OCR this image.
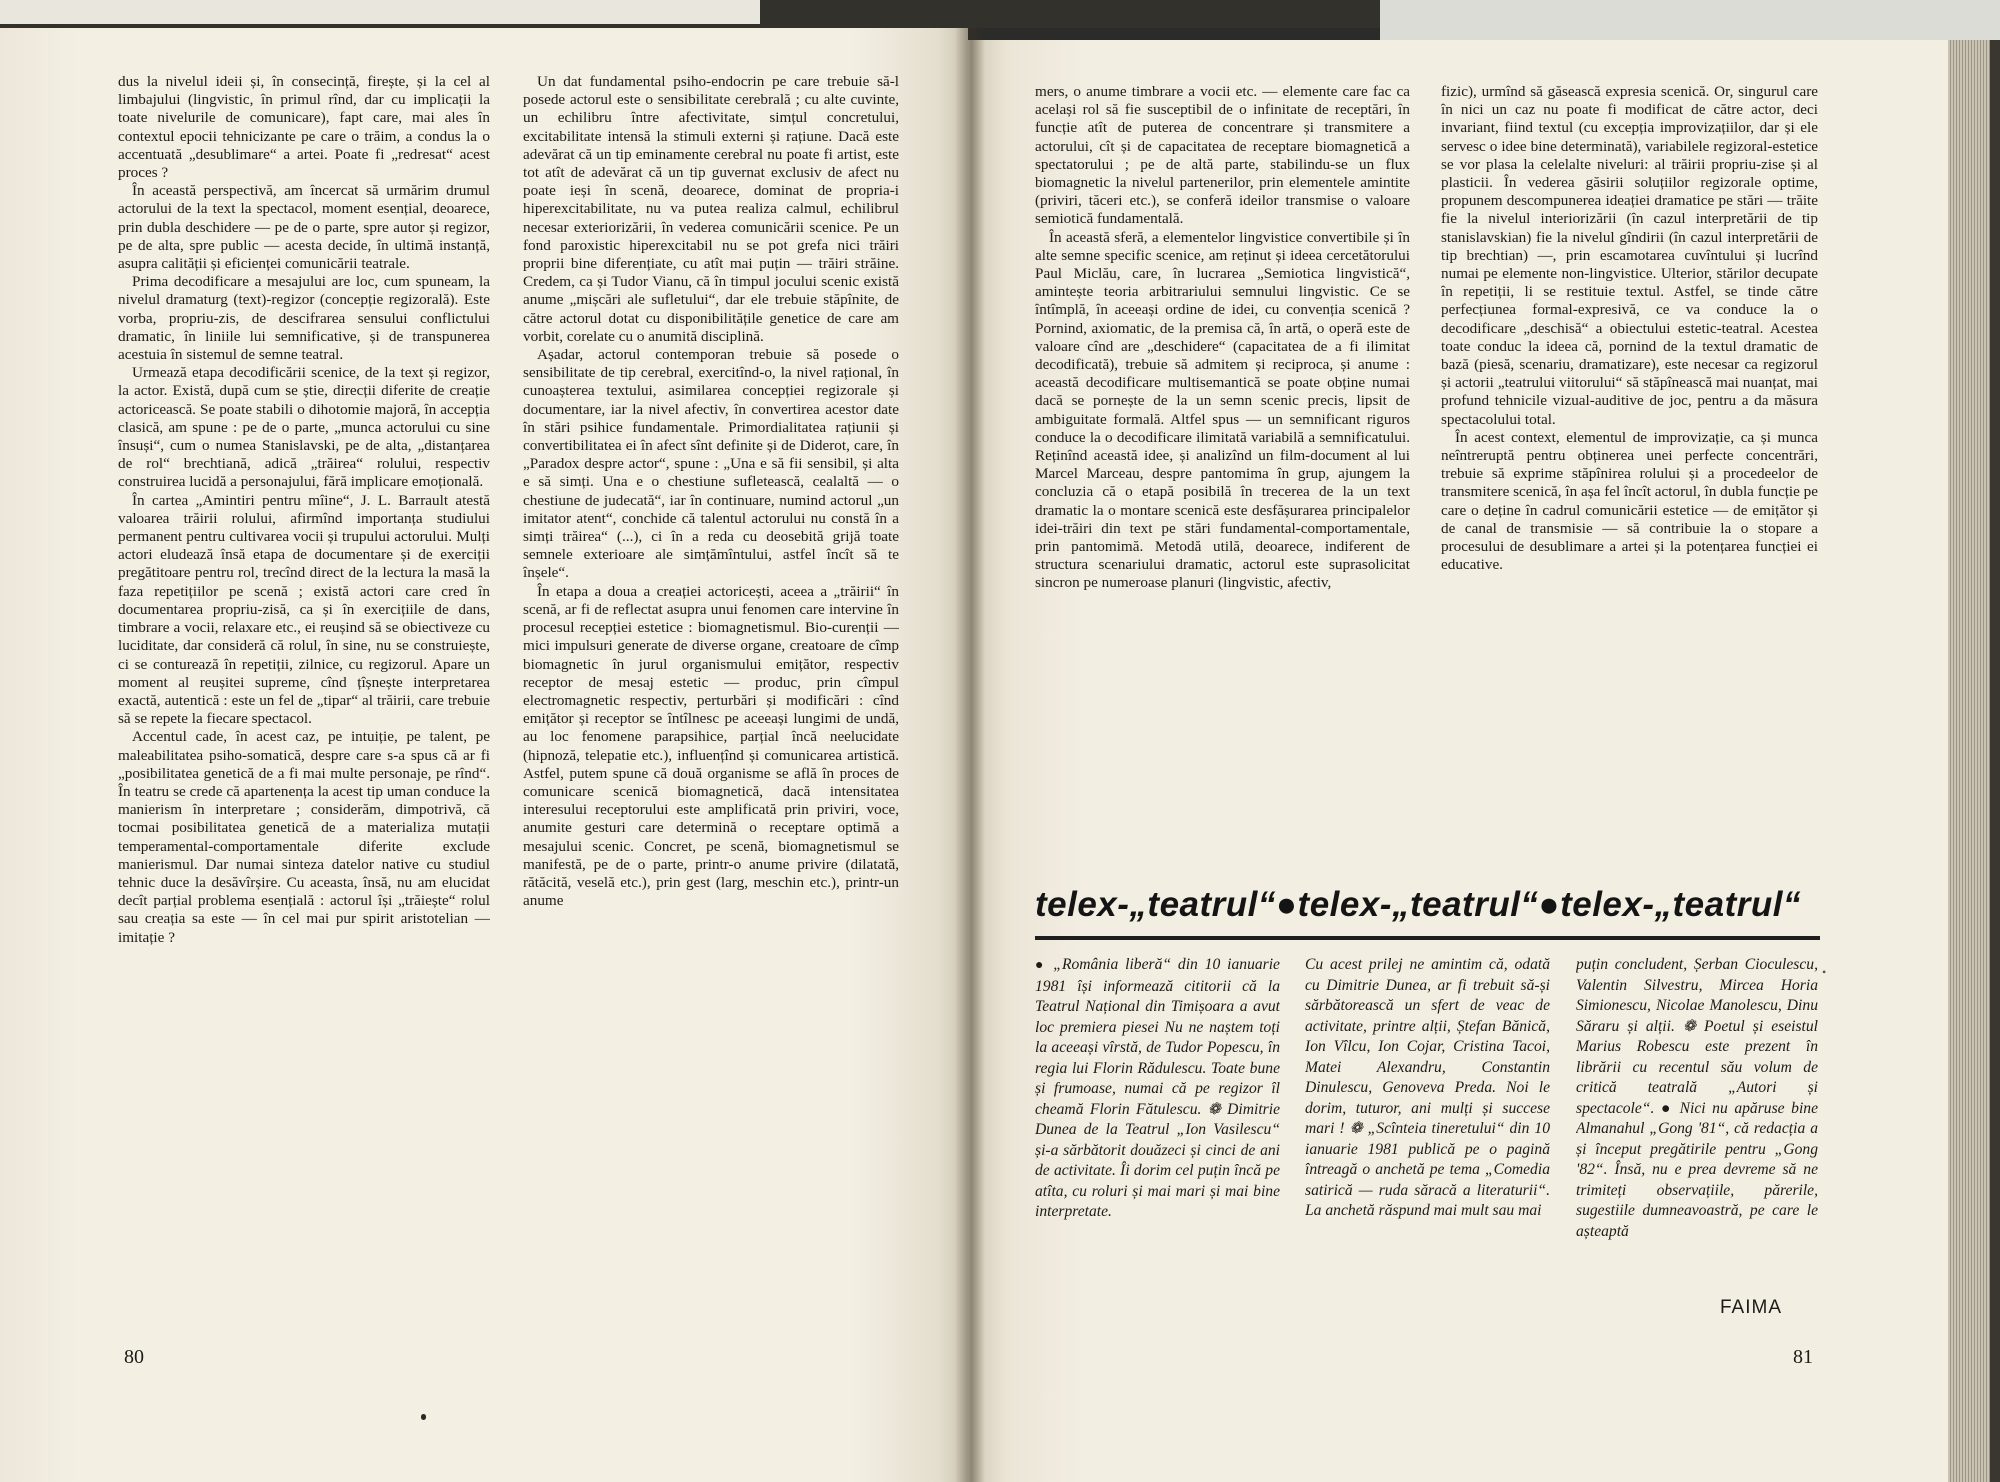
dus la nivelul ideii și, în consecință, firește, și la cel al limbajului (lingvistic, în primul rînd, dar cu implicații la toate nivelurile de comunicare), fapt care, mai ales în contextul epocii tehnicizante pe care o trăim, a condus la o accentuată „desublimare“ a artei. Poate fi „redresat“ acest proces ?

În această perspectivă, am încercat să urmărim drumul actorului de la text la spectacol, moment esențial, deoarece, prin dubla deschidere — pe de o parte, spre autor și regizor, pe de alta, spre public — acesta decide, în ultimă instanță, asupra calității și eficienței comunicării teatrale.

Prima decodificare a mesajului are loc, cum spuneam, la nivelul dramaturg (text)-regizor (concepție regizorală). Este vorba, propriu-zis, de descifrarea sensului conflictului dramatic, în liniile lui semnificative, și de transpunerea acestuia în sistemul de semne teatral.

Urmează etapa decodificării scenice, de la text și regizor, la actor. Există, după cum se știe, direcții diferite de creație actoricească. Se poate stabili o dihotomie majoră, în accepția clasică, am spune : pe de o parte, „munca actorului cu sine însuși“, cum o numea Stanislavski, pe de alta, „distanțarea de rol“ brechtiană, adică „trăirea“ rolului, respectiv construirea lucidă a personajului, fără implicare emoțională.

În cartea „Amintiri pentru mîine“, J. L. Barrault atestă valoarea trăirii rolului, afirmînd importanța studiului permanent pentru cultivarea vocii și trupului actorului. Mulți actori eludează însă etapa de documentare și de exerciții pregătitoare pentru rol, trecînd direct de la lectura la masă la faza repetițiilor pe scenă ; există actori care cred în documentarea propriu-zisă, ca și în exercițiile de dans, timbrare a vocii, relaxare etc., ei reușind să se obiectiveze cu luciditate, dar consideră că rolul, în sine, nu se construiește, ci se conturează în repetiții, zilnice, cu regizorul. Apare un moment al reușitei supreme, cînd țîșnește interpretarea exactă, autentică : este un fel de „tipar“ al trăirii, care trebuie să se repete la fiecare spectacol.

Accentul cade, în acest caz, pe intuiție, pe talent, pe maleabilitatea psiho-somatică, despre care s-a spus că ar fi „posibilitatea genetică de a fi mai multe personaje, pe rînd“. În teatru se crede că apartenența la acest tip uman conduce la manierism în interpretare ; considerăm, dimpotrivă, că tocmai posibilitatea genetică de a materializa mutații temperamental-comportamentale diferite exclude manierismul. Dar numai sinteza datelor native cu studiul tehnic duce la desăvîrșire. Cu aceasta, însă, nu am elucidat decît parțial problema esențială : actorul își „trăiește“ rolul sau creația sa este — în cel mai pur spirit aristotelian — imitație ?

Un dat fundamental psiho-endocrin pe care trebuie să-l posede actorul este o sensibilitate cerebrală ; cu alte cuvinte, un echilibru între afectivitate, simțul concretului, excitabilitate intensă la stimuli externi și rațiune. Dacă este adevărat că un tip eminamente cerebral nu poate fi artist, este tot atît de adevărat că un tip guvernat exclusiv de afect nu poate ieși în scenă, deoarece, dominat de propria-i hiperexcitabilitate, nu va putea realiza calmul, echilibrul necesar exteriorizării, în vederea comunicării scenice. Pe un fond paroxistic hiperexcitabil nu se pot grefa nici trăiri proprii bine diferențiate, cu atît mai puțin — trăiri străine. Credem, ca și Tudor Vianu, că în timpul jocului scenic există anume „mișcări ale sufletului“, dar ele trebuie stăpînite, de către actorul dotat cu disponibilitățile genetice de care am vorbit, corelate cu o anumită disciplină.

Așadar, actorul contemporan trebuie să posede o sensibilitate de tip cerebral, exercitînd-o, la nivel rațional, în cunoașterea textului, asimilarea concepției regizorale și documentare, iar la nivel afectiv, în convertirea acestor date în stări psihice fundamentale. Primordialitatea rațiunii și convertibilitatea ei în afect sînt definite și de Diderot, care, în „Paradox despre actor“, spune : „Una e să fii sensibil, și alta e să simți. Una e o chestiune sufletească, cealaltă — o chestiune de judecată“, iar în continuare, numind actorul „un imitator atent“, conchide că talentul actorului nu constă în a simți trăirea“ (...), ci în a reda cu deosebită grijă toate semnele exterioare ale simțămîntului, astfel încît să te înșele“.

În etapa a doua a creației actoricești, aceea a „trăirii“ în scenă, ar fi de reflectat asupra unui fenomen care intervine în procesul recepției estetice : biomagnetismul. Bio-curenții — mici impulsuri generate de diverse organe, creatoare de cîmp biomagnetic în jurul organismului emițător, respectiv receptor de mesaj estetic — produc, prin cîmpul electromagnetic respectiv, perturbări și modificări : cînd emițător și receptor se întîlnesc pe aceeași lungimi de undă, au loc fenomene parapsihice, parțial încă neelucidate (hipnoză, telepatie etc.), influențînd și comunicarea artistică. Astfel, putem spune că două organisme se află în proces de comunicare scenică biomagnetică, dacă intensitatea interesului receptorului este amplificată prin priviri, voce, anumite gesturi care determină o receptare optimă a mesajului scenic. Concret, pe scenă, biomagnetismul se manifestă, pe de o parte, printr-o anume privire (dilatată, rătăcită, veselă etc.), prin gest (larg, meschin etc.), printr-un anume

80

mers, o anume timbrare a vocii etc. — elemente care fac ca același rol să fie susceptibil de o infinitate de receptări, în funcție atît de puterea de concentrare și transmitere a actorului, cît și de capacitatea de receptare biomagnetică a spectatorului ; pe de altă parte, stabilindu-se un flux biomagnetic la nivelul partenerilor, prin elementele amintite (priviri, tăceri etc.), se conferă ideilor transmise o valoare semiotică fundamentală.

În această sferă, a elementelor lingvistice convertibile și în alte semne specific scenice, am reținut și ideea cercetătorului Paul Miclău, care, în lucrarea „Semiotica lingvistică“, amintește teoria arbitrariului semnului lingvistic. Ce se întîmplă, în aceeași ordine de idei, cu convenția scenică ? Pornind, axiomatic, de la premisa că, în artă, o operă este de valoare cînd are „deschidere“ (capacitatea de a fi ilimitat decodificată), trebuie să admitem și reciproca, și anume : această decodificare multisemantică se poate obține numai dacă se pornește de la un semn scenic precis, lipsit de ambiguitate formală. Altfel spus — un semnificant riguros conduce la o decodificare ilimitată variabilă a semnificatului. Reținînd această idee, și analizînd un film-document al lui Marcel Marceau, despre pantomima în grup, ajungem la concluzia că o etapă posibilă în trecerea de la un text dramatic la o montare scenică este desfășurarea principalelor idei-trăiri din text pe stări fundamental-comportamentale, prin pantomimă. Metodă utilă, deoarece, indiferent de structura scenariului dramatic, actorul este suprasolicitat sincron pe numeroase planuri (lingvistic, afectiv,

fizic), urmînd să găsească expresia scenică. Or, singurul care în nici un caz nu poate fi modificat de către actor, deci invariant, fiind textul (cu excepția improvizațiilor, dar și ele servesc o idee bine determinată), variabilele regizoral-estetice se vor plasa la celelalte niveluri: al trăirii propriu-zise și al plasticii. În vederea găsirii soluțiilor regizorale optime, propunem descompunerea ideației dramatice pe stări — trăite fie la nivelul interiorizării (în cazul interpretării de tip stanislavskian) fie la nivelul gîndirii (în cazul interpretării de tip brechtian) —, prin escamotarea cuvîntului și lucrînd numai pe elemente non-lingvistice. Ulterior, stărilor decupate în repetiții, li se restituie textul. Astfel, se tinde către perfecțiunea formal-expresivă, ce va conduce la o decodificare „deschisă“ a obiectului estetic-teatral. Acestea toate conduc la ideea că, pornind de la textul dramatic de bază (piesă, scenariu, dramatizare), este necesar ca regizorul și actorii „teatrului viitorului“ să stăpînească mai nuanțat, mai profund tehnicile vizual-auditive de joc, pentru a da măsura spectacolului total.

În acest context, elementul de improvizație, ca și munca neîntreruptă pentru obținerea unei perfecte concentrări, trebuie să exprime stăpînirea rolului și a procedeelor de transmitere scenică, în așa fel încît actorul, în dubla funcție pe care o deține în cadrul comunicării estetice — de emițător și de canal de transmisie — să contribuie la o stopare a procesului de desublimare a artei și la potențarea funcției ei educative.

telex-„teatrul“●telex-„teatrul“●telex-„teatrul“

● „România liberă“ din 10 ianuarie 1981 își informează cititorii că la Teatrul Național din Timișoara a avut loc premiera piesei Nu ne naștem toți la aceeași vîrstă, de Tudor Popescu, în regia lui Florin Rădulescu. Toate bune și frumoase, numai că pe regizor îl cheamă Florin Fătulescu. ❁ Dimitrie Dunea de la Teatrul „Ion Vasilescu“ și-a sărbătorit douăzeci și cinci de ani de activitate. Îi dorim cel puțin încă pe atîta, cu roluri și mai mari și mai bine interpretate.

Cu acest prilej ne amintim că, odată cu Dimitrie Dunea, ar fi trebuit să-și sărbătorească un sfert de veac de activitate, printre alții, Ștefan Bănică, Ion Vîlcu, Ion Cojar, Cristina Tacoi, Matei Alexandru, Constantin Dinulescu, Genoveva Preda. Noi le dorim, tuturor, ani mulți și succese mari ! ❁ „Scînteia tineretului“ din 10 ianuarie 1981 publică pe o pagină întreagă o anchetă pe tema „Comedia satirică — ruda săracă a literaturii“. La anchetă răspund mai mult sau mai

puțin concludent, Șerban Cioculescu, Valentin Silvestru, Mircea Horia Simionescu, Nicolae Manolescu, Dinu Săraru și alții. ❁ Poetul și eseistul Marius Robescu este prezent în librării cu recentul său volum de critică teatrală „Autori și spectacole“. ● Nici nu apăruse bine Almanahul „Gong '81“, că redacția a și început pregătirile pentru „Gong '82“. Însă, nu e prea devreme să ne trimiteți observațiile, părerile, sugestiile dumneavoastră, pe care le așteaptă

FAIMA
•
81
